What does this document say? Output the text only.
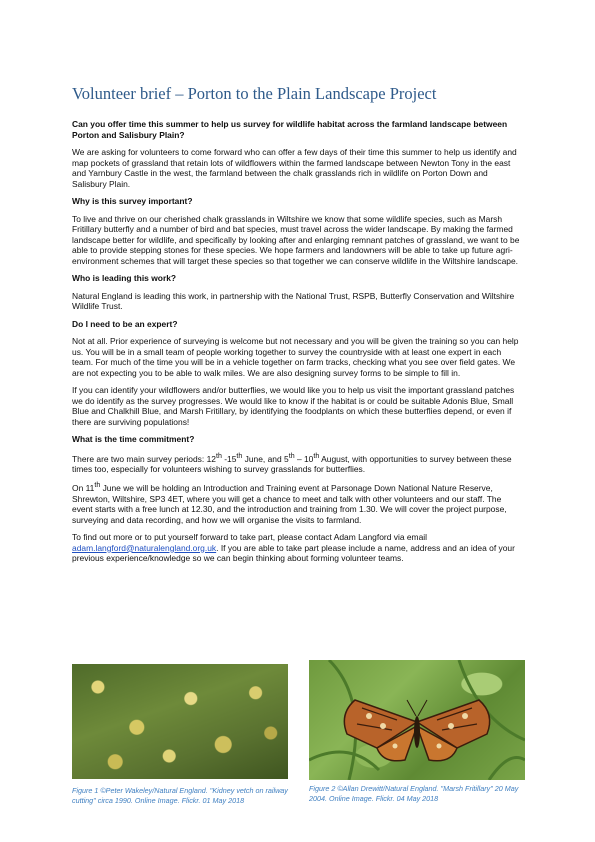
Volunteer brief – Porton to the Plain Landscape Project

Can you offer time this summer to help us survey for wildlife habitat across the farmland landscape between Porton and Salisbury Plain?

We are asking for volunteers to come forward who can offer a few days of their time this summer to help us identify and map pockets of grassland that retain lots of wildflowers within the farmed landscape between Newton Tony in the east and Yarnbury Castle in the west, the farmland between the chalk grasslands rich in wildlife on Porton Down and Salisbury Plain.

Why is this survey important?

To live and thrive on our cherished chalk grasslands in Wiltshire we know that some wildlife species, such as Marsh Fritillary butterfly and a number of bird and bat species, must travel across the wider landscape. By making the farmed landscape better for wildlife, and specifically by looking after and enlarging remnant patches of grassland, we want to be able to provide stepping stones for these species. We hope farmers and landowners will be able to take up future agri-environment schemes that will target these species so that together we can conserve wildlife in the Wiltshire landscape.

Who is leading this work?

Natural England is leading this work, in partnership with the National Trust, RSPB, Butterfly Conservation and Wiltshire Wildlife Trust.

Do I need to be an expert?

Not at all. Prior experience of surveying is welcome but not necessary and you will be given the training so you can help us. You will be in a small team of people working together to survey the countryside with at least one expert in each team. For much of the time you will be in a vehicle together on farm tracks, checking what you see over field gates. We are not expecting you to be able to walk miles. We are also designing survey forms to be simple to fill in.

If you can identify your wildflowers and/or butterflies, we would like you to help us visit the important grassland patches we do identify as the survey progresses. We would like to know if the habitat is or could be suitable Adonis Blue, Small Blue and Chalkhill Blue, and Marsh Fritillary, by identifying the foodplants on which these butterflies depend, or even if there are surviving populations!

What is the time commitment?

There are two main survey periods: 12th -15th June, and 5th – 10th August, with opportunities to survey between these times too, especially for volunteers wishing to survey grasslands for butterflies.

On 11th June we will be holding an Introduction and Training event at Parsonage Down National Nature Reserve, Shrewton, Wiltshire, SP3 4ET, where you will get a chance to meet and talk with other volunteers and our staff. The event starts with a free lunch at 12.30, and the introduction and training from 1.30. We will cover the project purpose, surveying and data recording, and how we will organise the visits to farmland.

To find out more or to put yourself forward to take part, please contact Adam Langford via email adam.langford@naturalengland.org.uk. If you are able to take part please include a name, address and an idea of your previous experience/knowledge so we can begin thinking about forming volunteer teams.

Figure 1 ©Peter Wakeley/Natural England. "Kidney vetch on railway cutting" circa 1990. Online Image. Flickr. 01 May 2018
Figure 2 ©Allan Drewitt/Natural England. "Marsh Fritillary" 20 May 2004. Online Image. Flickr. 04 May 2018
